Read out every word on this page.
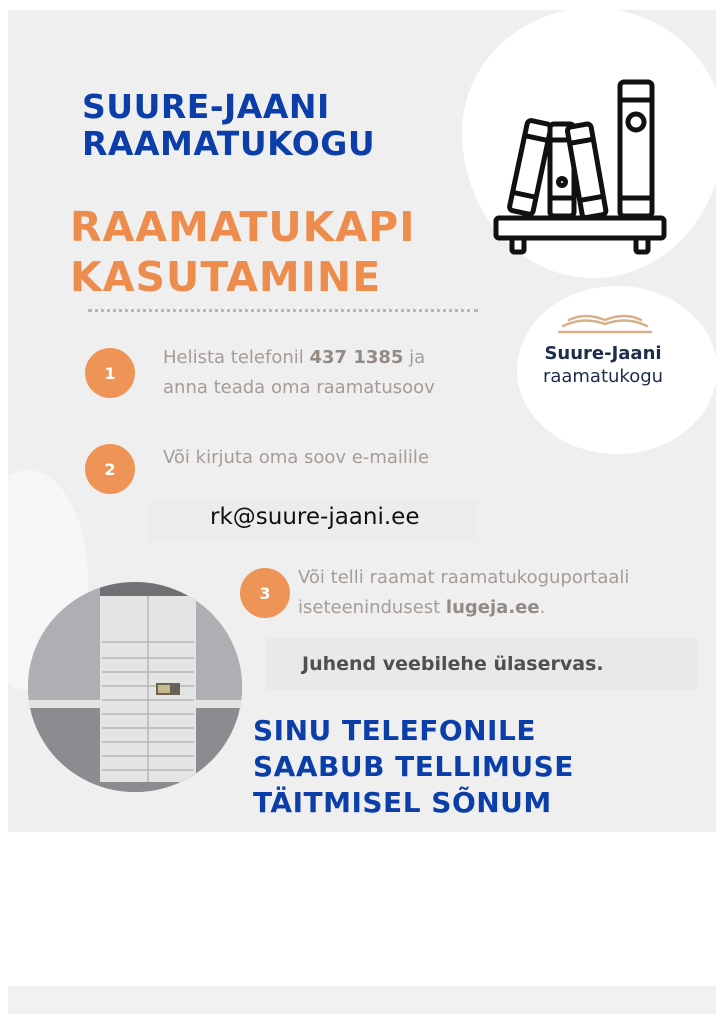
SUURE-JAANI
RAAMATUKOGU
RAAMATUKAPI
KASUTAMINE
Suure-Jaani
raamatukogu
1
Helista telefonil 437 1385 ja
anna teada oma raamatusoov
2
Või kirjuta oma soov e-mailile
rk@suure-jaani.ee
3
Või telli raamat raamatukoguportaali
iseteenindusest lugeja.ee.
Juhend veebilehe ülaservas.
SINU TELEFONILE
SAABUB TELLIMUSE
TÄITMISEL SÕNUM
